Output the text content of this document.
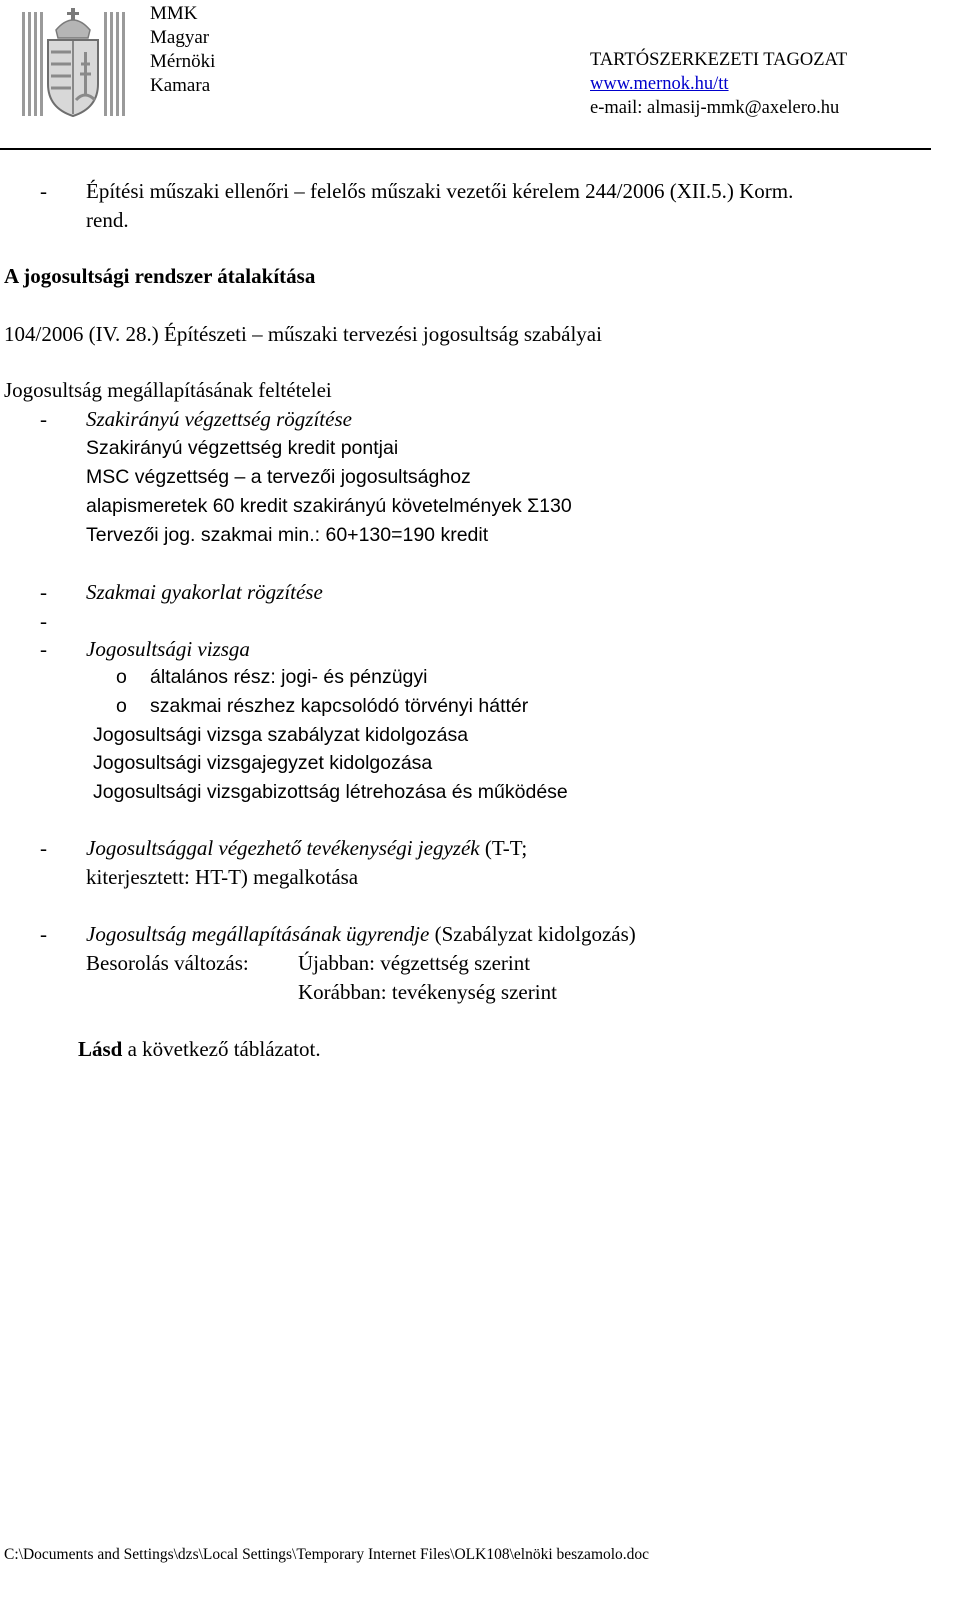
MMK
Magyar
Mérnöki
Kamara
TARTÓSZERKEZETI TAGOZAT
www.mernok.hu/tt
e-mail: almasij-mmk@axelero.hu
- Építési műszaki ellenőri – felelős műszaki vezetői kérelem 244/2006 (XII.5.) Korm.
rend.
A jogosultsági rendszer átalakítása
104/2006 (IV. 28.) Építészeti – műszaki tervezési jogosultság szabályai
Jogosultság megállapításának feltételei
- Szakirányú végzettség rögzítése
Szakirányú végzettség kredit pontjai
MSC végzettség – a tervezői jogosultsághoz
alapismeretek 60 kredit szakirányú követelmények Σ130
Tervezői jog. szakmai min.: 60+130=190 kredit
- Szakmai gyakorlat rögzítése
-
- Jogosultsági vizsga
o általános rész: jogi- és pénzügyi
o szakmai részhez kapcsolódó törvényi háttér
Jogosultsági vizsga szabályzat kidolgozása
Jogosultsági vizsgajegyzet kidolgozása
Jogosultsági vizsgabizottság létrehozása és működése
- Jogosultsággal végezhető tevékenységi jegyzék (T-T;
kiterjesztett: HT-T) megalkotása
- Jogosultság megállapításának ügyrendje (Szabályzat kidolgozás)
Besorolás változás: Újabban: végzettség szerint
Korábban: tevékenység szerint
Lásd a következő táblázatot.
C:\Documents and Settings\dzs\Local Settings\Temporary Internet Files\OLK108\elnöki beszamolo.doc
